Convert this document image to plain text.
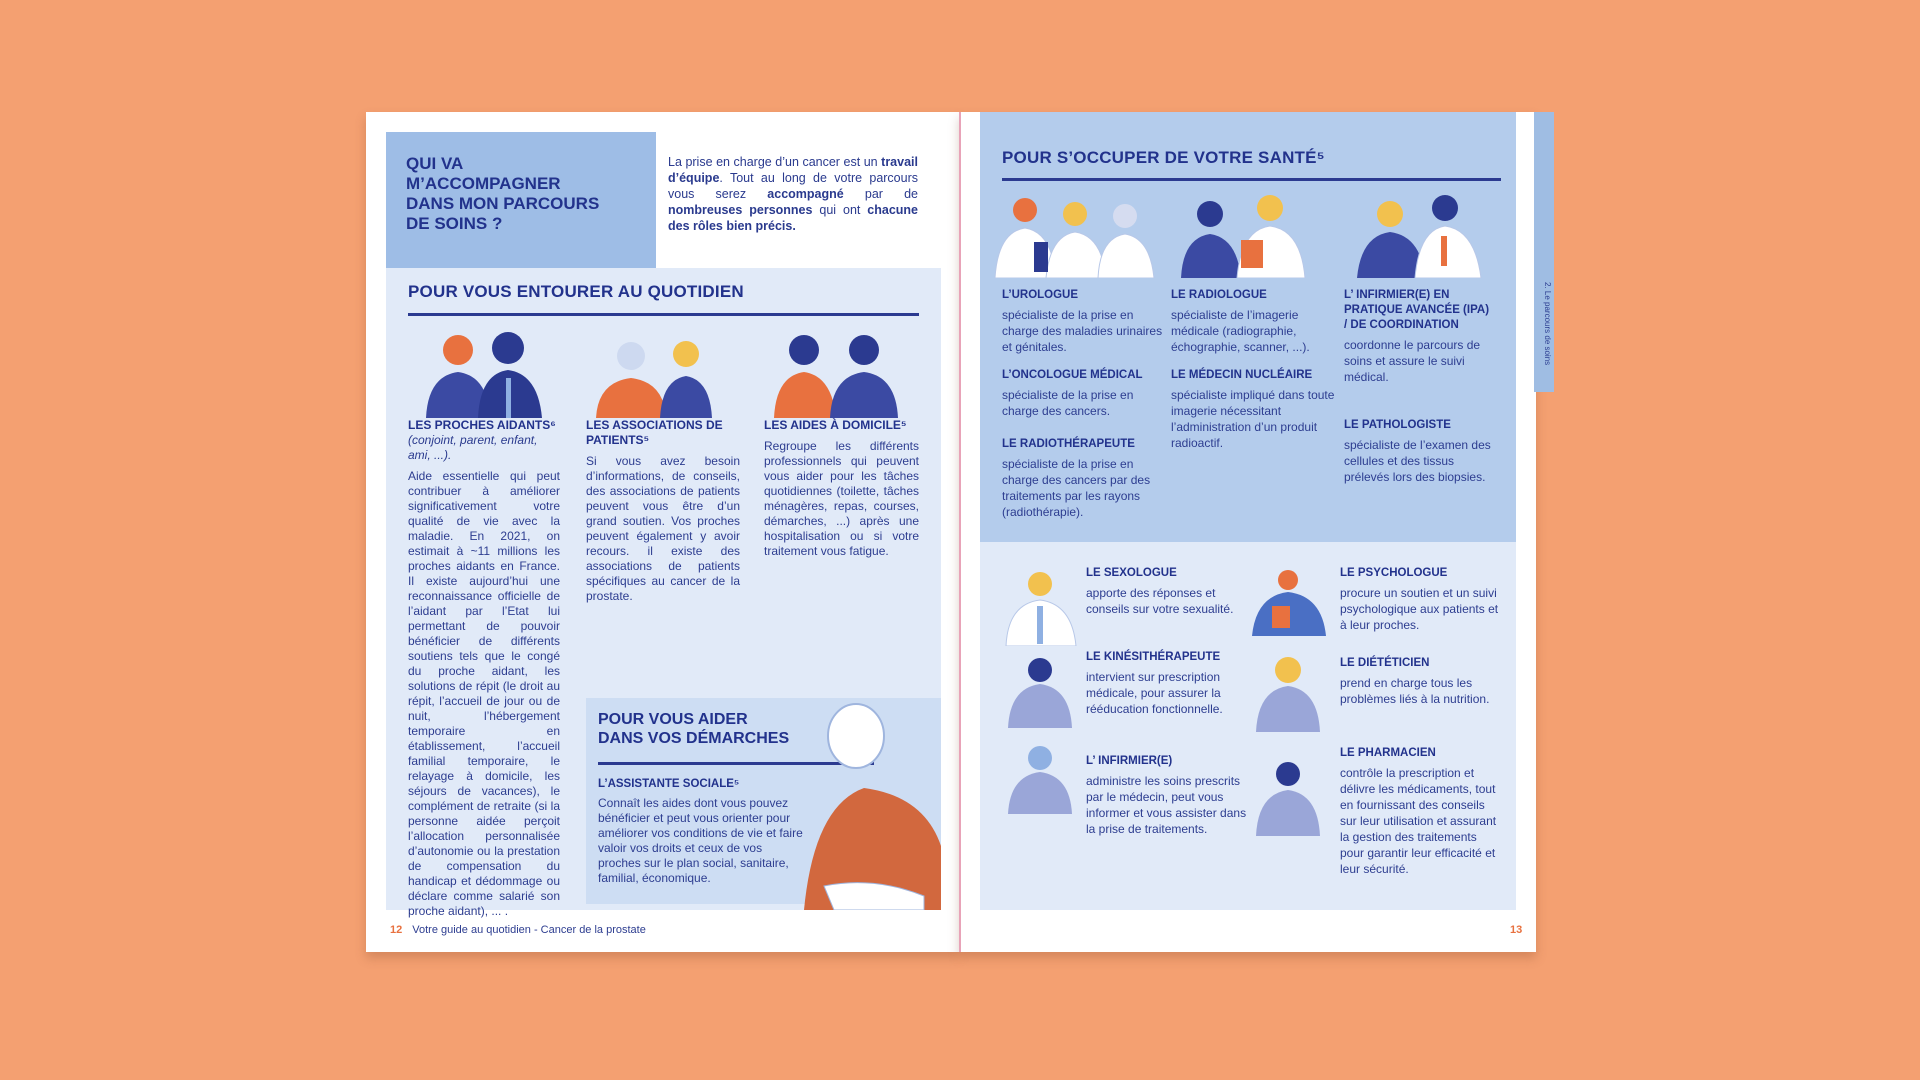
QUI VA
M’ACCOMPAGNER
DANS MON PARCOURS
DE SOINS ?
La prise en charge d’un cancer est un travail d’équipe. Tout au long de votre parcours vous serez accompagné par de nombreuses personnes qui ont chacune des rôles bien précis.
POUR VOUS ENTOURER AU QUOTIDIEN
LES PROCHES AIDANTS⁶
(conjoint, parent, enfant, ami, ...).
Aide essentielle qui peut contribuer à améliorer significativement votre qualité de vie avec la maladie. En 2021, on estimait à ~11 millions les proches aidants en France. Il existe aujourd’hui une reconnaissance officielle de l’aidant par l’Etat lui permettant de pouvoir bénéficier de différents soutiens tels que le congé du proche aidant, les solutions de répit (le droit au répit, l’accueil de jour ou de nuit, l’hébergement temporaire en établissement, l’accueil familial temporaire, le relayage à domicile, les séjours de vacances), le complément de retraite (si la personne aidée perçoit l’allocation personnalisée d’autonomie ou la prestation de compensation du handicap et dédommage ou déclare comme salarié son proche aidant), ... .
LES ASSOCIATIONS DE PATIENTS⁵
Si vous avez besoin d’informations, de conseils, des associations de patients peuvent vous être d’un grand soutien. Vos proches peuvent également y avoir recours. il existe des associations de patients spécifiques au cancer de la prostate.
LES AIDES À DOMICILE⁵
Regroupe les différents professionnels qui peuvent vous aider pour les tâches quotidiennes (toilette, tâches ménagères, repas, courses, démarches, ...) après une hospitalisation ou si votre traitement vous fatigue.
POUR VOUS AIDER
DANS VOS DÉMARCHES
L’ASSISTANTE SOCIALE⁵
Connaît les aides dont vous pouvez bénéficier et peut vous orienter pour améliorer vos conditions de vie et faire valoir vos droits et ceux de vos proches sur le plan social, sanitaire, familial, économique.
12 Votre guide au quotidien - Cancer de la prostate
POUR S’OCCUPER DE VOTRE SANTÉ⁵
L’UROLOGUE
spécialiste de la prise en charge des maladies urinaires et génitales.
L’ONCOLOGUE MÉDICAL
spécialiste de la prise en charge des cancers.
LE RADIOTHÉRAPEUTE
spécialiste de la prise en charge des cancers par des traitements par les rayons (radiothérapie).
LE RADIOLOGUE
spécialiste de l’imagerie médicale (radiographie, échographie, scanner, ...).
LE MÉDECIN NUCLÉAIRE
spécialiste impliqué dans toute imagerie nécessitant l’administration d’un produit radioactif.
L’ INFIRMIER(E) EN PRATIQUE AVANCÉE (IPA) / DE COORDINATION
coordonne le parcours de soins et assure le suivi médical.
LE PATHOLOGISTE
spécialiste de l’examen des cellules et des tissus prélevés lors des biopsies.
LE SEXOLOGUE
apporte des réponses et conseils sur votre sexualité.
LE KINÉSITHÉRAPEUTE
intervient sur prescription médicale, pour assurer la rééducation fonctionnelle.
L’ INFIRMIER(E)
administre les soins prescrits par le médecin, peut vous informer et vous assister dans la prise de traitements.
LE PSYCHOLOGUE
procure un soutien et un suivi psychologique aux patients et à leur proches.
LE DIÉTÉTICIEN
prend en charge tous les problèmes liés à la nutrition.
LE PHARMACIEN
contrôle la prescription et délivre les médicaments, tout en fournissant des conseils sur leur utilisation et assurant la gestion des traitements pour garantir leur efficacité et leur sécurité.
2. Le parcours de soins
13
